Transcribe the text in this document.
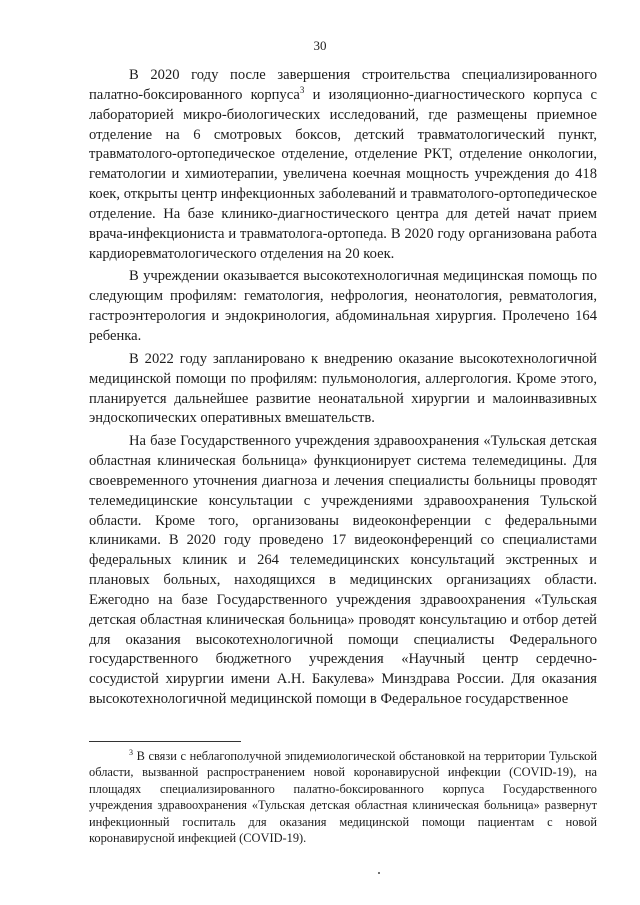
30

В 2020 году после завершения строительства специализированного палатно-боксированного корпуса$^3$ и изоляционно-диагностического корпуса с лабораторией микро-биологических исследований, где размещены приемное отделение на 6 смотровых боксов, детский травматологический пункт, травматолого-ортопедическое отделение, отделение РКТ, отделение онкологии, гематологии и химиотерапии, увеличена коечная мощность учреждения до 418 коек, открыты центр инфекционных заболеваний и травматолого-ортопедическое отделение. На базе клинико-диагностического центра для детей начат прием врача-инфекциониста и травматолога-ортопеда. В 2020 году организована работа кардиоревматологического отделения на 20 коек.

В учреждении оказывается высокотехнологичная медицинская помощь по следующим профилям: гематология, нефрология, неонатология, ревматология, гастроэнтерология и эндокринология, абдоминальная хирургия. Пролечено 164 ребенка.

В 2022 году запланировано к внедрению оказание высокотехнологичной медицинской помощи по профилям: пульмонология, аллергология. Кроме этого, планируется дальнейшее развитие неонатальной хирургии и малоинвазивных эндоскопических оперативных вмешательств.

На базе Государственного учреждения здравоохранения «Тульская детская областная клиническая больница» функционирует система телемедицины. Для своевременного уточнения диагноза и лечения специалисты больницы проводят телемедицинские консультации с учреждениями здравоохранения Тульской области. Кроме того, организованы видеоконференции с федеральными клиниками. В 2020 году проведено 17 видеоконференций со специалистами федеральных клиник и 264 телемедицинских консультаций экстренных и плановых больных, находящихся в медицинских организациях области. Ежегодно на базе Государственного учреждения здравоохранения «Тульская детская областная клиническая больница» проводят консультацию и отбор детей для оказания высокотехнологичной помощи специалисты Федерального государственного бюджетного учреждения «Научный центр сердечно-сосудистой хирургии имени А.Н. Бакулева» Минздрава России. Для оказания высокотехнологичной медицинской помощи в Федеральное государственное

$^3$ В связи с неблагополучной эпидемиологической обстановкой на территории Тульской области, вызванной распространением новой коронавирусной инфекции (COVID-19), на площадях специализированного палатно-боксированного корпуса Государственного учреждения здравоохранения «Тульская детская областная клиническая больница» развернут инфекционный госпиталь для оказания медицинской помощи пациентам с новой коронавирусной инфекцией (COVID-19).
